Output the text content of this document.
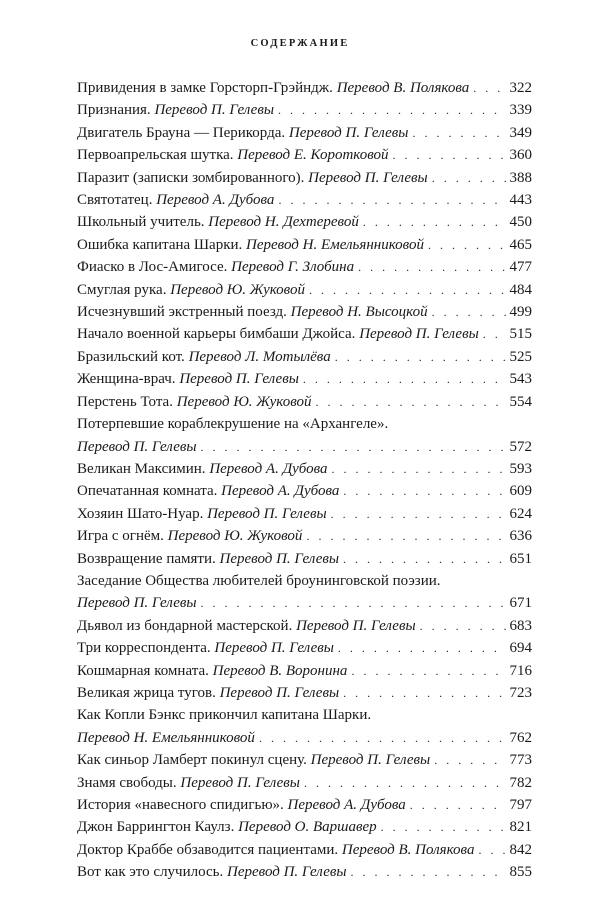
СОДЕРЖАНИЕ
Привидения в замке Горсторп-Грэйндж. Перевод В. Полякова . . .	322
Признания. Перевод П. Гелевы . . .	339
Двигатель Брауна — Перикорда. Перевод П. Гелевы . . .	349
Первоапрельская шутка. Перевод Е. Коротковой . . .	360
Паразит (записки зомбированного). Перевод П. Гелевы . . .	388
Святотатец. Перевод А. Дубова . . .	443
Школьный учитель. Перевод Н. Дехтеревой . . .	450
Ошибка капитана Шарки. Перевод Н. Емельянниковой . . .	465
Фиаско в Лос-Амигосе. Перевод Г. Злобина . . .	477
Смуглая рука. Перевод Ю. Жуковой . . .	484
Исчезнувший экстренный поезд. Перевод Н. Высоцкой . . .	499
Начало военной карьеры бимбаши Джойса. Перевод П. Гелевы . . . 515
Бразильский кот. Перевод Л. Мотылёва . . .	525
Женщина-врач. Перевод П. Гелевы . . .	543
Перстень Тота. Перевод Ю. Жуковой . . .	554
Потерпевшие кораблекрушение на «Архангеле».
Перевод П. Гелевы . . .	572
Великан Максимин. Перевод А. Дубова . . .	593
Опечатанная комната. Перевод А. Дубова . . .	609
Хозяин Шато-Нуар. Перевод П. Гелевы . . .	624
Игра с огнём. Перевод Ю. Жуковой . . .	636
Возвращение памяти. Перевод П. Гелевы . . .	651
Заседание Общества любителей броунинговской поэзии.
Перевод П. Гелевы . . .	671
Дьявол из бондарной мастерской. Перевод П. Гелевы . . .	683
Три корреспондента. Перевод П. Гелевы . . .	694
Кошмарная комната. Перевод В. Воронина . . .	716
Великая жрица тугов. Перевод П. Гелевы . . .	723
Как Копли Бэнкс прикончил капитана Шарки.
Перевод Н. Емельянниковой . . .	762
Как синьор Ламберт покинул сцену. Перевод П. Гелевы . . .	773
Знамя свободы. Перевод П. Гелевы . . .	782
История «навесного спидигью». Перевод А. Дубова . . .	797
Джон Баррингтон Каулз. Перевод О. Варшавер . . .	821
Доктор Краббе обзаводится пациентами. Перевод В. Полякова . . . 842
Вот как это случилось. Перевод П. Гелевы . . .	855
